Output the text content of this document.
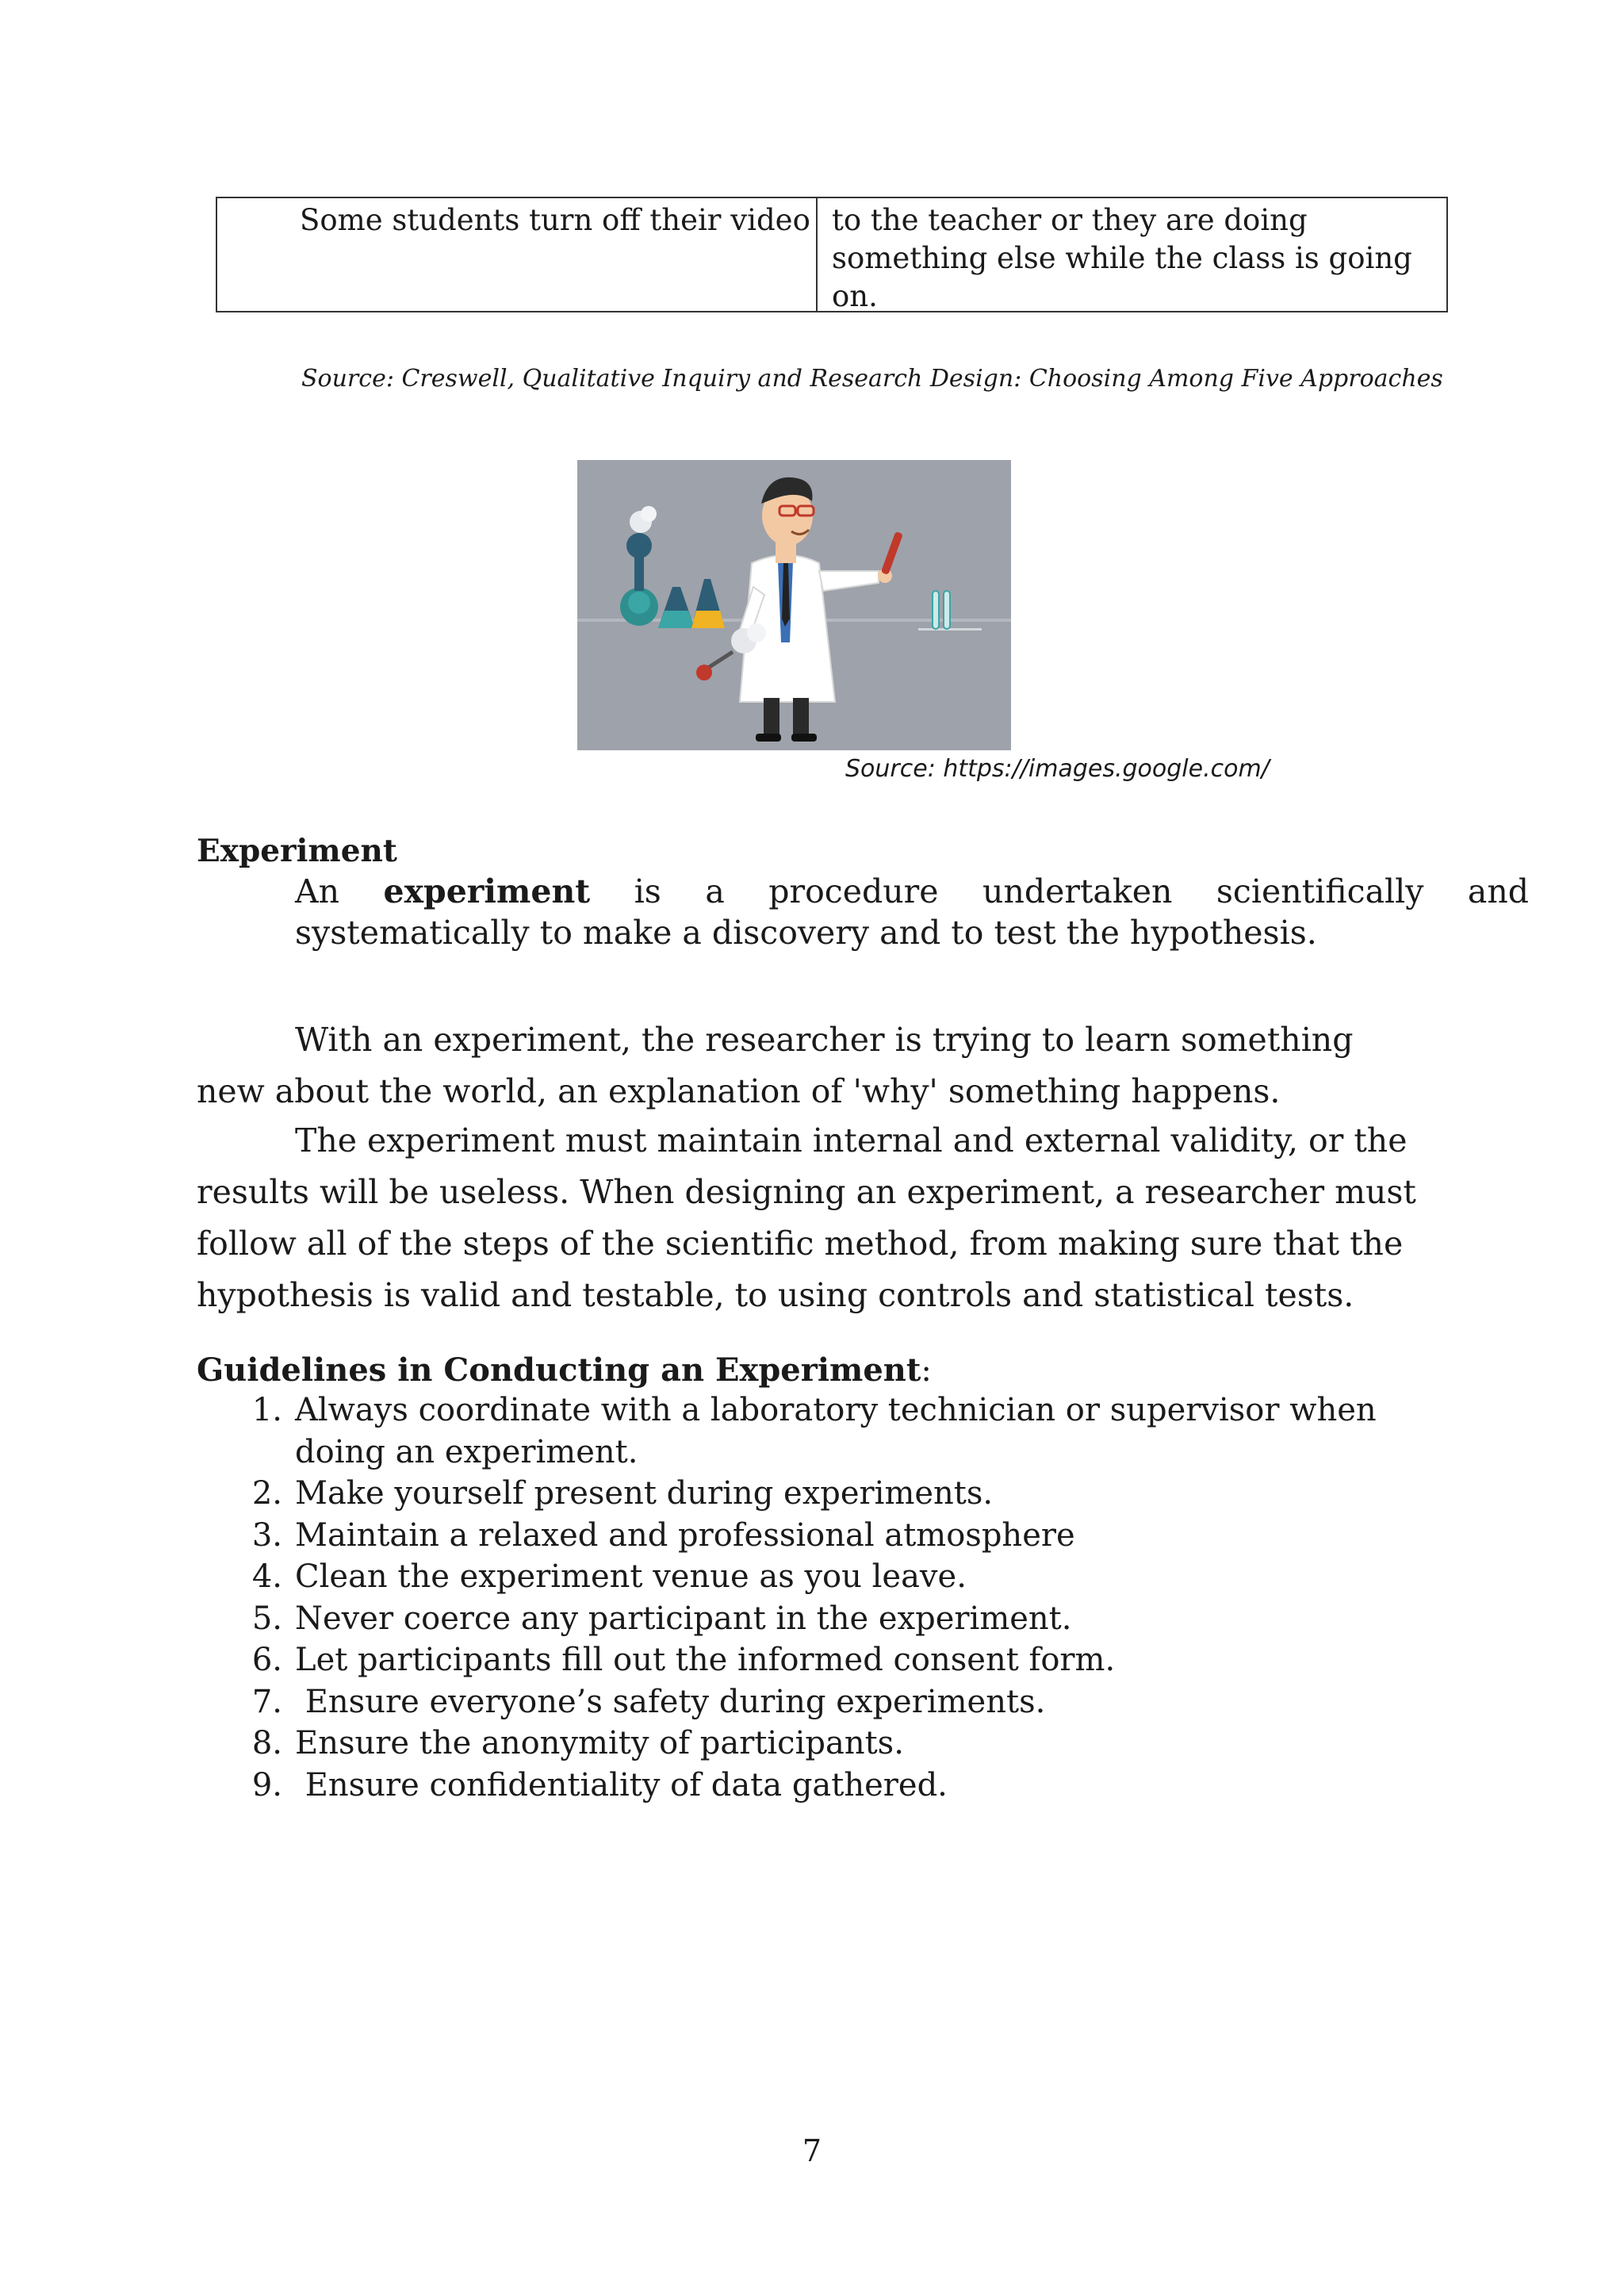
Some students turn off their video to the teacher or they are doing something else while the class is going on.
Source: Creswell, Qualitative Inquiry and Research Design: Choosing Among Five Approaches
Source: https://images.google.com/
Experiment
An experiment is a procedure undertaken scientifically and systematically to make a discovery and to test the hypothesis.
With an experiment, the researcher is trying to learn something new about the world, an explanation of 'why' something happens.
The experiment must maintain internal and external validity, or the results will be useless. When designing an experiment, a researcher must follow all of the steps of the scientific method, from making sure that the hypothesis is valid and testable, to using controls and statistical tests.
Guidelines in Conducting an Experiment:
1. Always coordinate with a laboratory technician or supervisor when doing an experiment.
2. Make yourself present during experiments.
3. Maintain a relaxed and professional atmosphere
4. Clean the experiment venue as you leave.
5. Never coerce any participant in the experiment.
6. Let participants fill out the informed consent form.
7. Ensure everyone’s safety during experiments.
8. Ensure the anonymity of participants.
9. Ensure confidentiality of data gathered.
7
